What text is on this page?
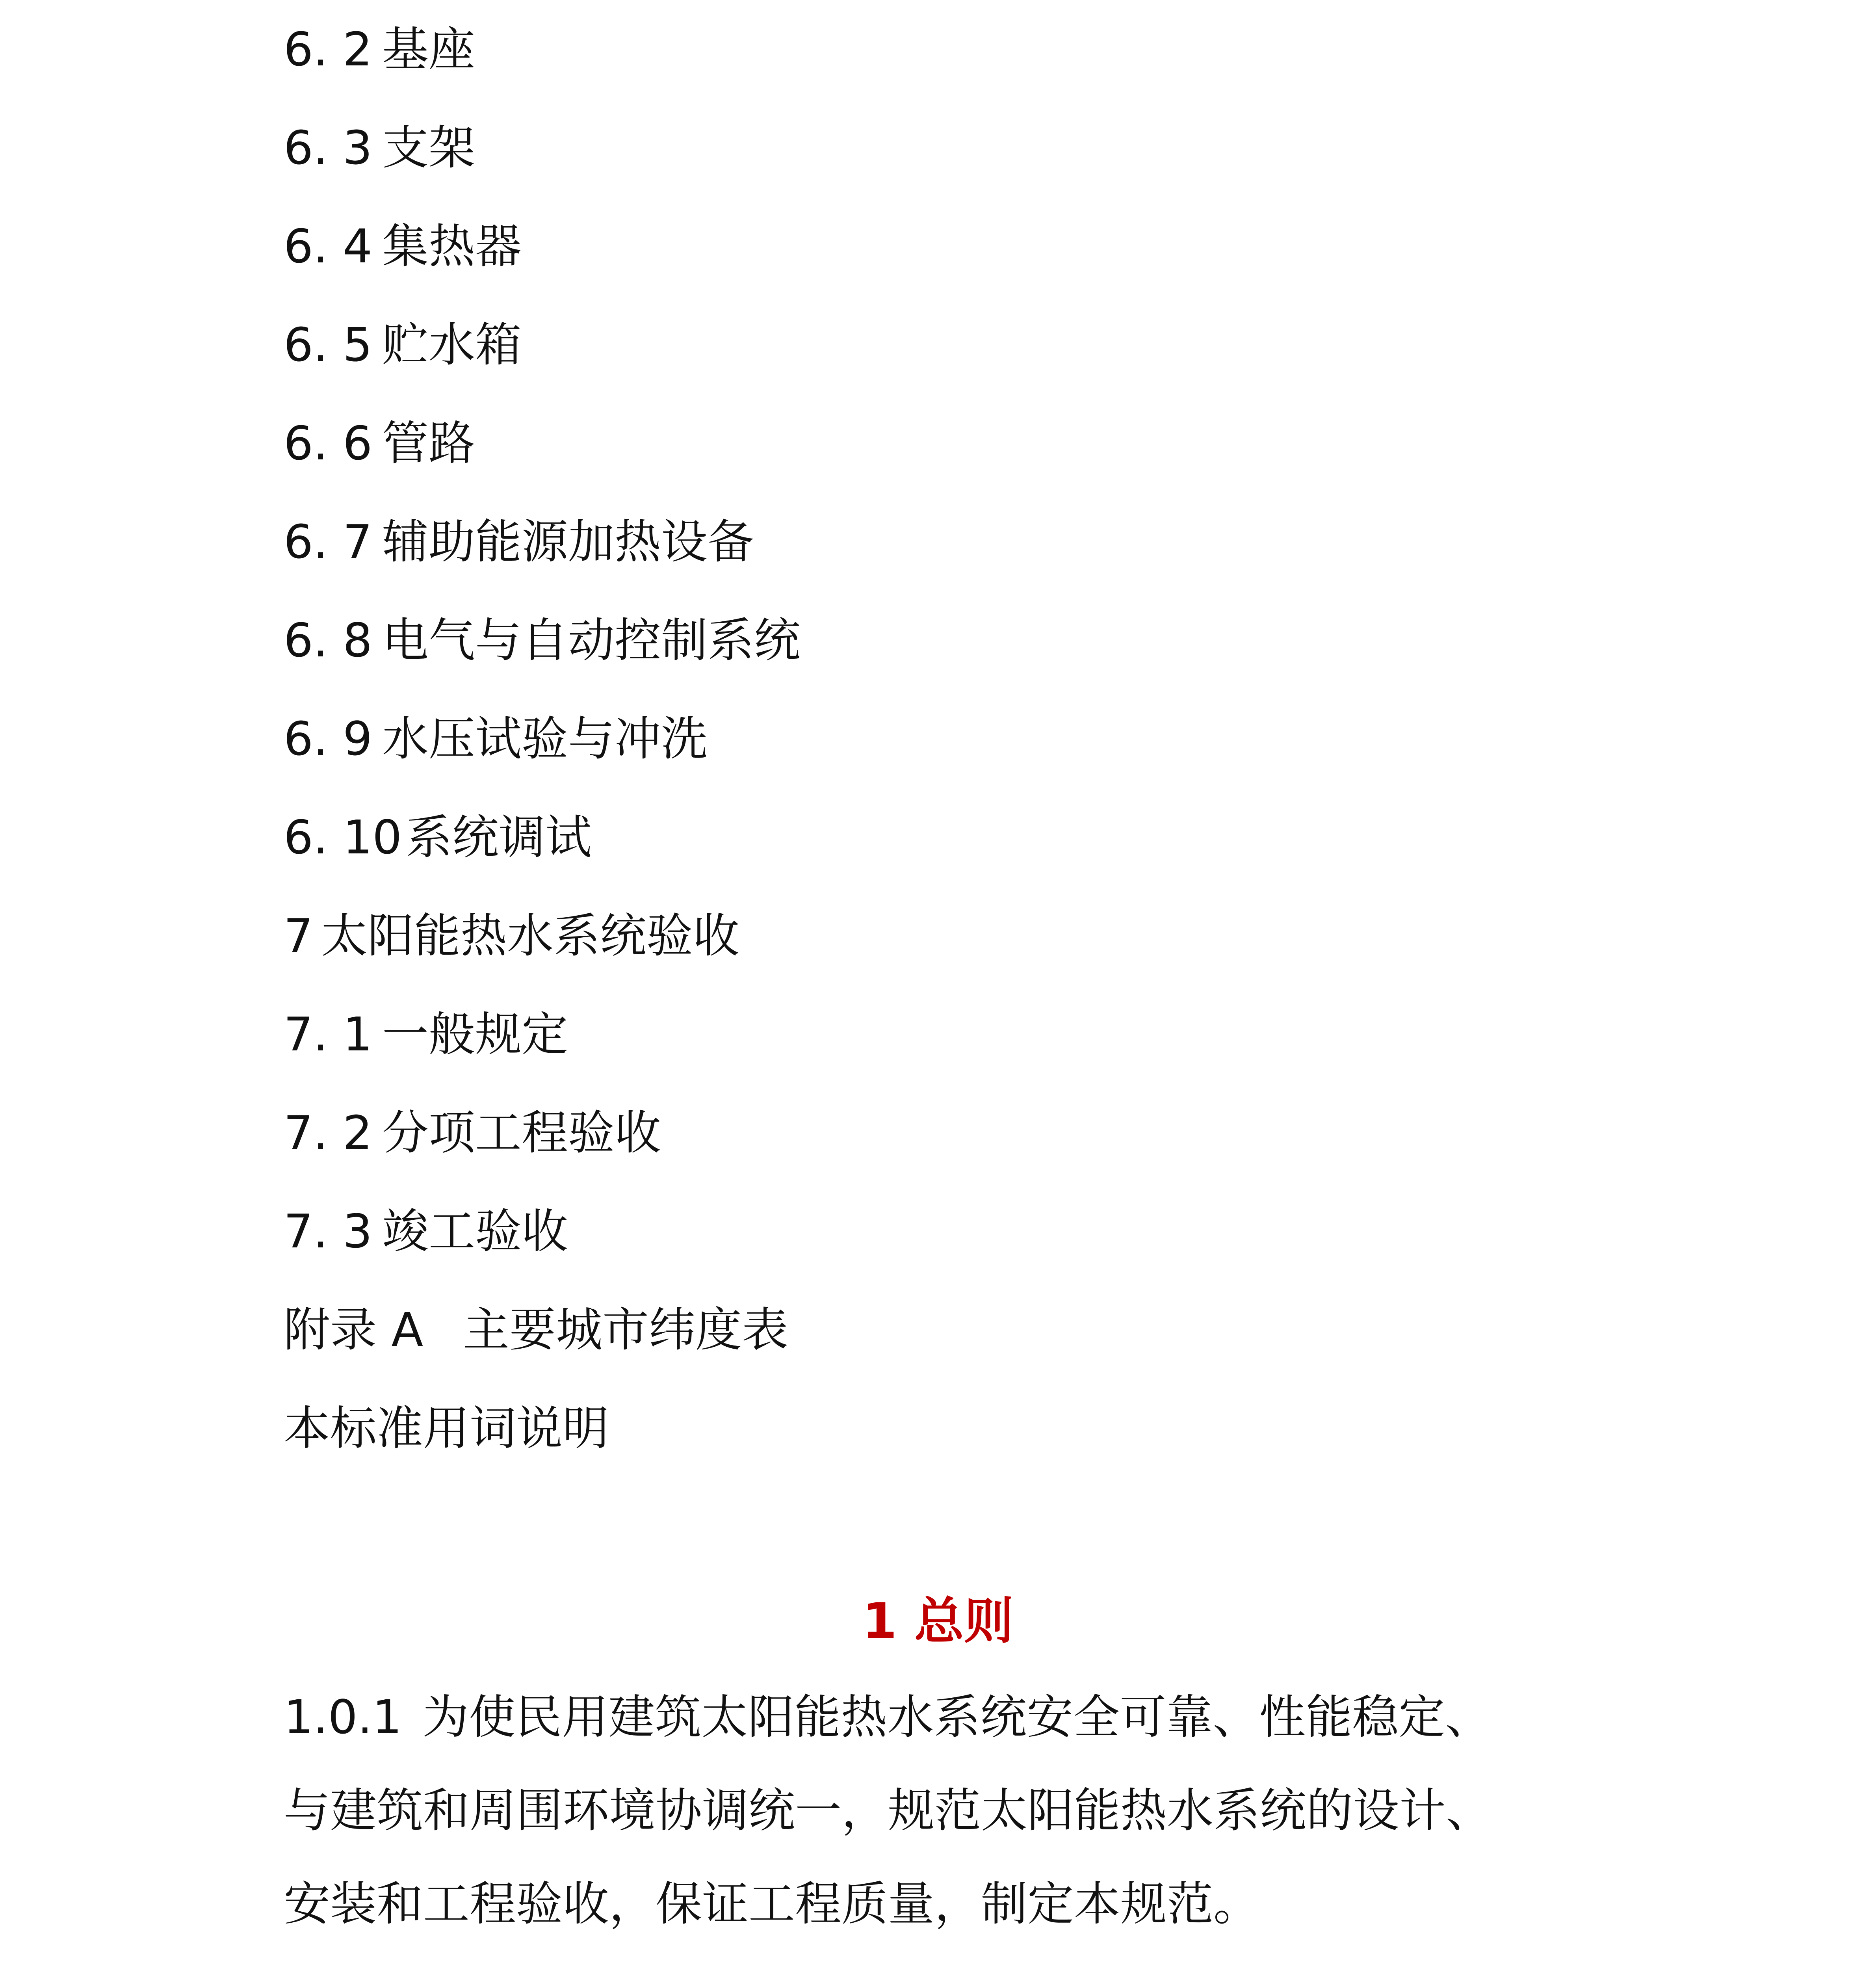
6. 2 基座
6. 3 支架
6. 4 集热器
6. 5 贮水箱
6. 6 管路
6. 7 辅助能源加热设备
6. 8 电气与自动控制系统
6. 9 水压试验与冲洗
6. 10系统调试
7 太阳能热水系统验收
7. 1 一般规定
7. 2 分项工程验收
7. 3 竣工验收
附录 A 主要城市纬度表
本标准用词说明
1 总则

1.0.1 为使民用建筑太阳能热水系统安全可靠、性能稳定、
与建筑和周围环境协调统一，规范太阳能热水系统的设计、
安装和工程验收，保证工程质量，制定本规范。
